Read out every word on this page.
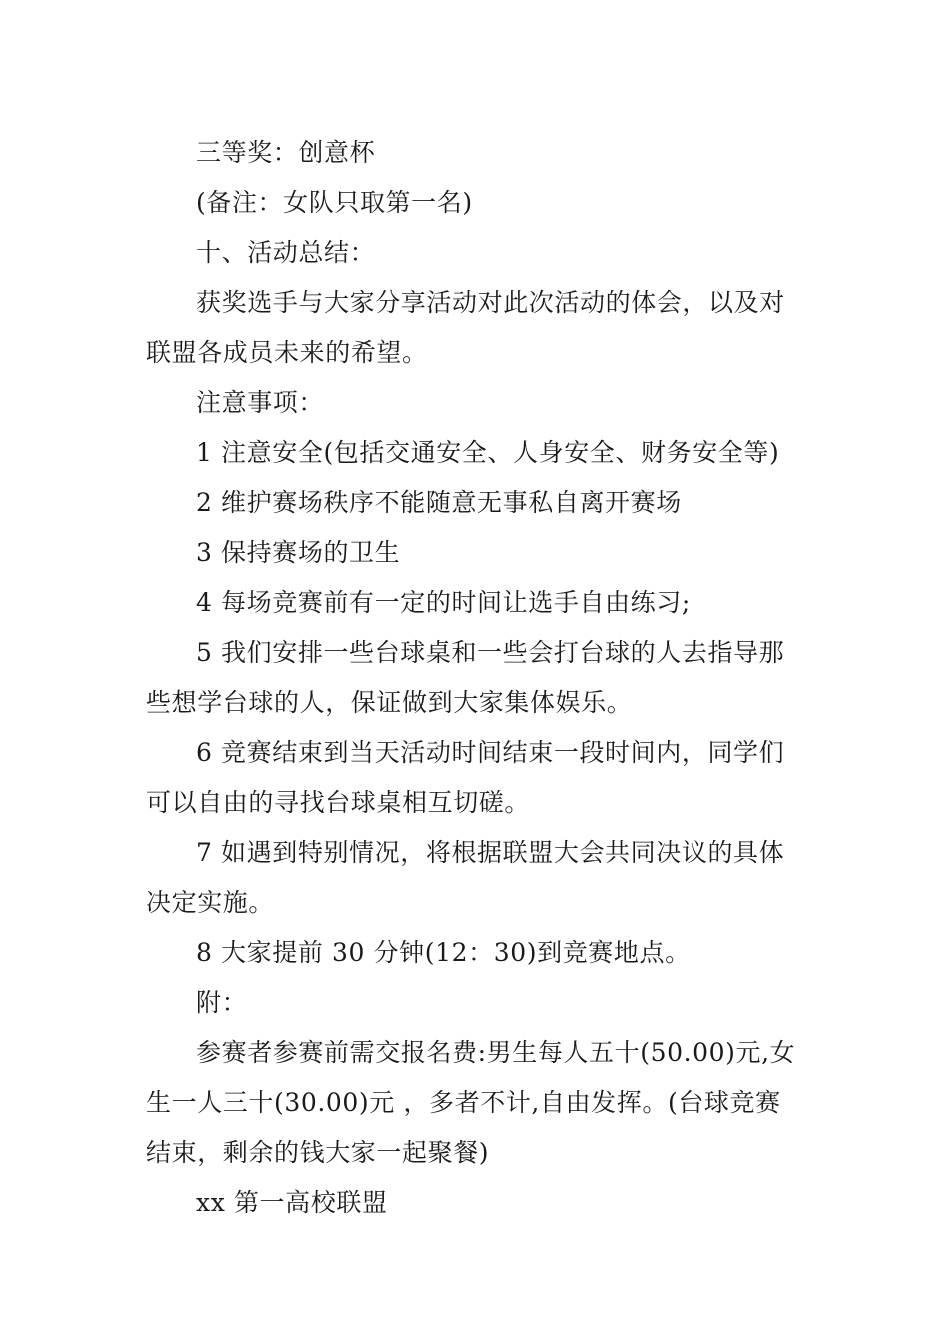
三等奖：创意杯

(备注：女队只取第一名)

十、活动总结：

获奖选手与大家分享活动对此次活动的体会，以及对
联盟各成员未来的希望。

注意事项：

1 注意安全(包括交通安全、人身安全、财务安全等)

2 维护赛场秩序不能随意无事私自离开赛场

3 保持赛场的卫生

4 每场竞赛前有一定的时间让选手自由练习;

5 我们安排一些台球桌和一些会打台球的人去指导那
些想学台球的人，保证做到大家集体娱乐。

6 竞赛结束到当天活动时间结束一段时间内，同学们
可以自由的寻找台球桌相互切磋。

7 如遇到特别情况，将根据联盟大会共同决议的具体
决定实施。

8 大家提前 30 分钟(12：30)到竞赛地点。

附：

参赛者参赛前需交报名费:男生每人五十(50.00)元,女
生一人三十(30.00)元 ，多者不计,自由发挥。(台球竞赛
结束，剩余的钱大家一起聚餐)

xx 第一高校联盟
